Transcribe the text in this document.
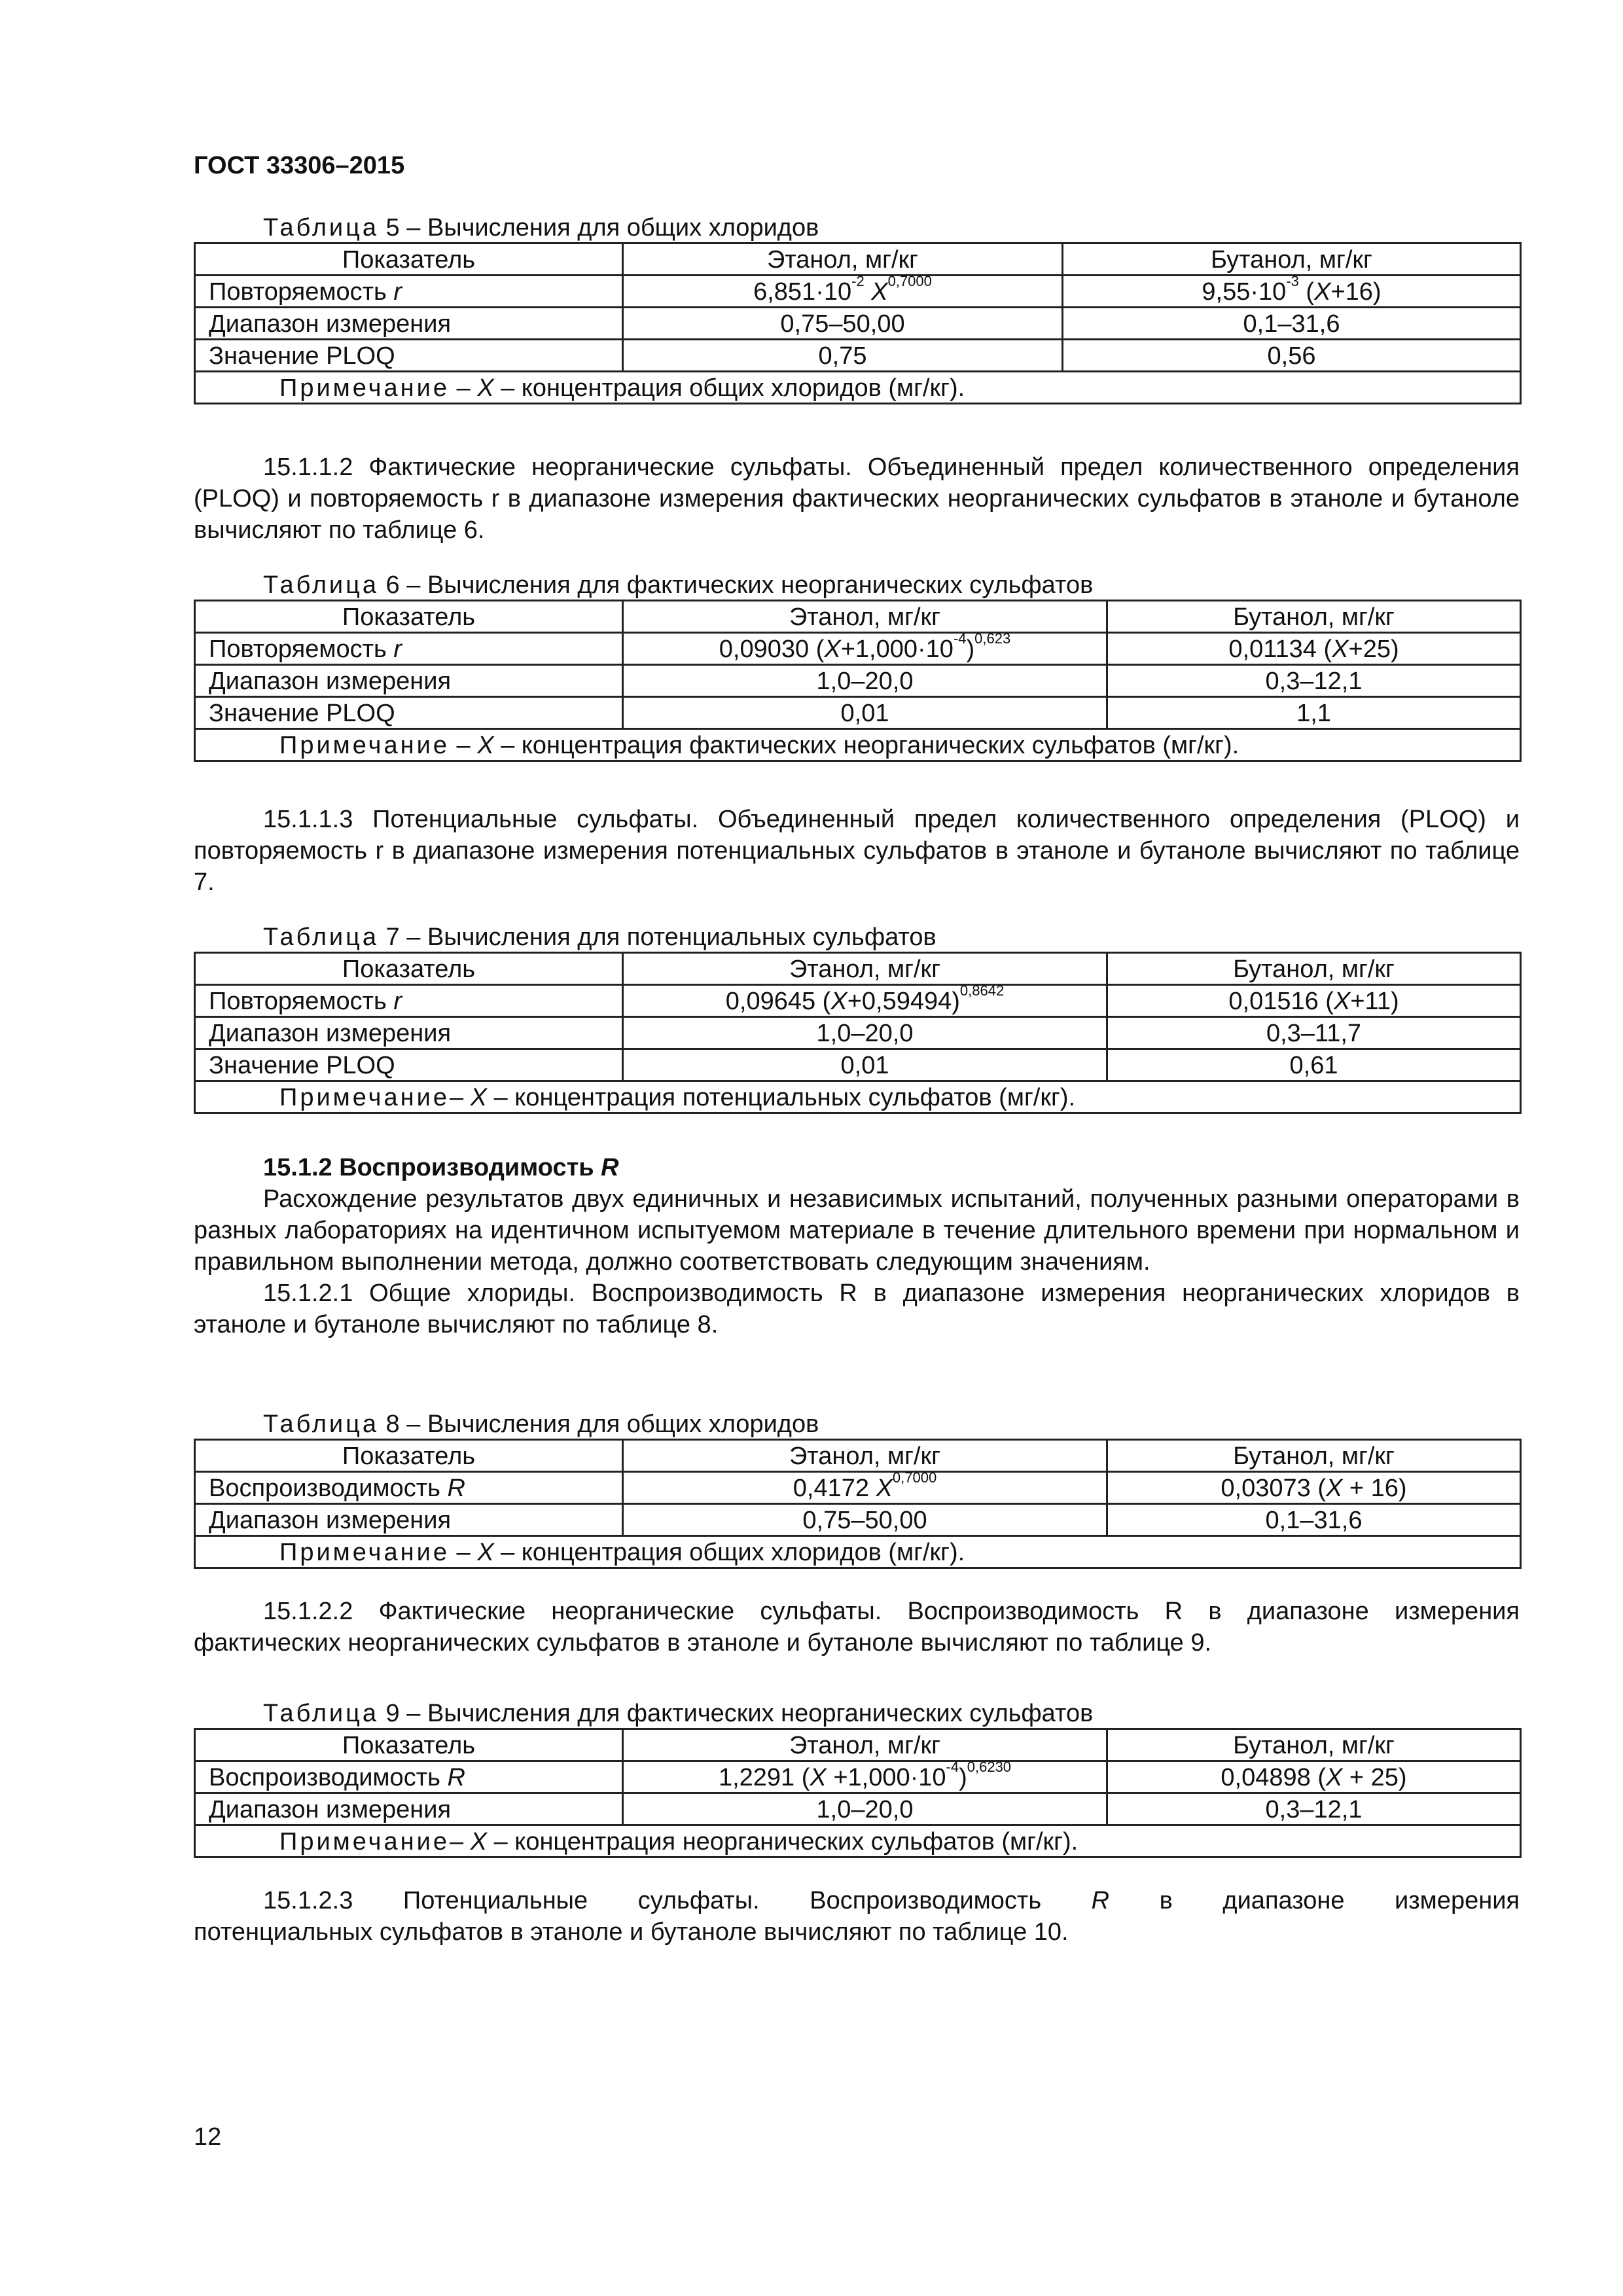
ГОСТ 33306–2015
Таблица 5 – Вычисления для общих хлоридов
Показатель	Этанол, мг/кг	Бутанол, мг/кг
Повторяемость r	$6,851\cdot 10^{-2}$ $X^{0,7000}$	$9,55\cdot 10^{-3}$ (X+16)
Диапазон измерения	0,75–50,00	0,1–31,6
Значение PLOQ	0,75	0,56
Примечание – X – концентрация общих хлоридов (мг/кг).		

15.1.1.2 Фактические неорганические сульфаты. Объединенный предел количественного определения (PLOQ) и повторяемость r в диапазоне измерения фактических неорганических сульфатов в этаноле и бутаноле вычисляют по таблице 6.

Таблица 6 – Вычисления для фактических неорганических сульфатов
Показатель	Этанол, мг/кг	Бутанол, мг/кг
Повторяемость r	0,09030 $(X+1,000\cdot 10^{-4})^{0,623}$	0,01134 (X+25)
Диапазон измерения	1,0–20,0	0,3–12,1
Значение PLOQ	0,01	1,1
Примечание – X – концентрация фактических неорганических сульфатов (мг/кг).		

15.1.1.3 Потенциальные сульфаты. Объединенный предел количественного определения (PLOQ) и повторяемость r в диапазоне измерения потенциальных сульфатов в этаноле и бутаноле вычисляют по таблице 7.

Таблица 7 – Вычисления для потенциальных сульфатов
Показатель	Этанол, мг/кг	Бутанол, мг/кг
Повторяемость r	0,09645 $(X+0,59494)^{0,8642}$	0,01516 (X+11)
Диапазон измерения	1,0–20,0	0,3–11,7
Значение PLOQ	0,01	0,61
Примечание– X – концентрация потенциальных сульфатов (мг/кг).		

15.1.2 Воспроизводимость R

Расхождение результатов двух единичных и независимых испытаний, полученных разными операторами в разных лабораториях на идентичном испытуемом материале в течение длительного времени при нормальном и правильном выполнении метода, должно соответствовать следующим значениям.

15.1.2.1 Общие хлориды. Воспроизводимость R в диапазоне измерения неорганических хлоридов в этаноле и бутаноле вычисляют по таблице 8.

Таблица 8 – Вычисления для общих хлоридов
Показатель	Этанол, мг/кг	Бутанол, мг/кг
Воспроизводимость R	0,4172 $X^{0,7000}$	0,03073 (X + 16)
Диапазон измерения	0,75–50,00	0,1–31,6
Примечание – X – концентрация общих хлоридов (мг/кг).		

15.1.2.2 Фактические неорганические сульфаты. Воспроизводимость R в диапазоне измерения фактических неорганических сульфатов в этаноле и бутаноле вычисляют по таблице 9.

Таблица 9 – Вычисления для фактических неорганических сульфатов
Показатель	Этанол, мг/кг	Бутанол, мг/кг
Воспроизводимость R	1,2291 $(X +1,000\cdot 10^{-4})^{0,6230}$	0,04898 (X + 25)
Диапазон измерения	1,0–20,0	0,3–12,1
Примечание– X – концентрация неорганических сульфатов (мг/кг).		
15.1.2.3 Потенциальные сульфаты. Воспроизводимость R в диапазоне измерения
потенциальных сульфатов в этаноле и бутаноле вычисляют по таблице 10.
12
